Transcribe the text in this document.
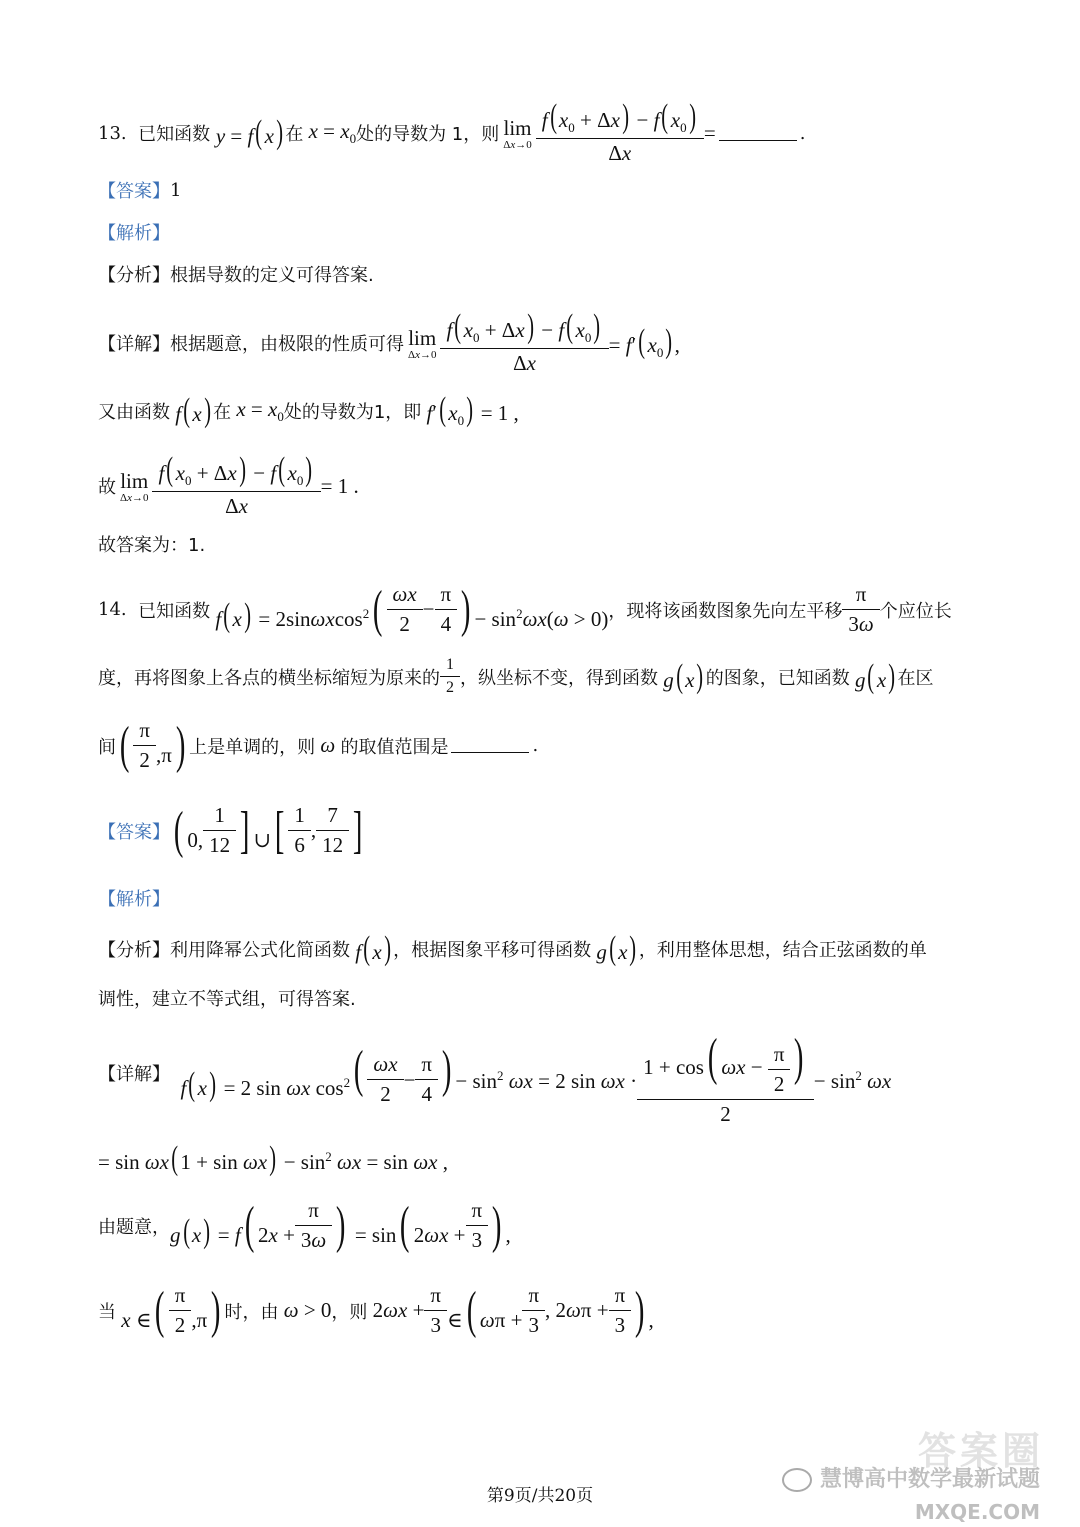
13.
已知函数
y = f( x) 在 $x = x_0$ 处的导数为 1，则 lim
$\Delta x\to 0 \frac{f( x_0 + \Delta x) - f( x_0)}{\Delta x}$ =	.
【答案】 1
【解析】
【分析】 根据导数的定义可得答案.
【详解】 根据题意，由极限的性质可得 lim
$\Delta x\to 0 \frac{f( x_0 + \Delta x) - f( x_0)}{\Delta x} = f'$( $x_0$) ,
又由函数 f( x) 在 $x = x_0$ 处的导数为1，即 f′( $x_0) = 1$ ,
故 lim
$\Delta x\to 0 \frac{f( x_0 + \Delta x) - f( x_0)}{\Delta x} = 1$ .
故答案为：1.
14.
已知函数 f( $x) = 2\sin\omega xcos^2( \frac{\omega x}{2} - \frac{\pi}{4}$ ) − $\sin^2\omega x(\omega > 0)$ ，现将该函数图象先向左平移 $\frac{\pi}{3\omega}$ 个应位长
度，再将图象上各点的横坐标缩短为原来的 $\frac{1}{2}$ ，纵坐标不变，得到函数 g( x) 的图象，已知函数 g( x) 在区
间 ( $\frac{\pi}{2} ,\pi$) 上是单调的，则 ω 的取值范围是	.
【答案】 ( 0, $\frac{1}{12}$ ] ∪[ $\frac{1}{6}$ , $\frac{7}{12}$ ]
【解析】
【分析】 利用降幂公式化简函数 f( x) ，根据图象平移可得函数 g( x) ，利用整体思想，结合正弦函数的单
调性，建立不等式组，可得答案.
【详解】
f( x) = 2 sin ωx $\cos^2$ ( $\frac{\omega x}{2} - \frac{\pi}{4}$ ) − $\sin^2 \omega x = 2$ $\sin \omega x \cdot \frac{1 + \cos( \omega x - \frac{\pi}{2} )}{2} - \sin^2 \omega x$
= sin ωx( $1 + \sin \omega x) - \sin^2 \omega x = \sin \omega x$ ,
由题意， g( x) = f( $2x + \frac{\pi}{3\omega}$ ) = sin( $2\omega x + \frac{\pi}{3}$ ) ,
当 x ∈( $\frac{\pi}{2} ,\pi$) 时，由 ω > 0 ，则 $2\omega x + \frac{\pi}{3}$ ∈( $\omega\pi + \frac{\pi}{3}$ , $2\omega\pi + \frac{\pi}{3}$ ) ,
答案圈
慧博高中数学最新试题
MXQE.COM
第9页/共20页
